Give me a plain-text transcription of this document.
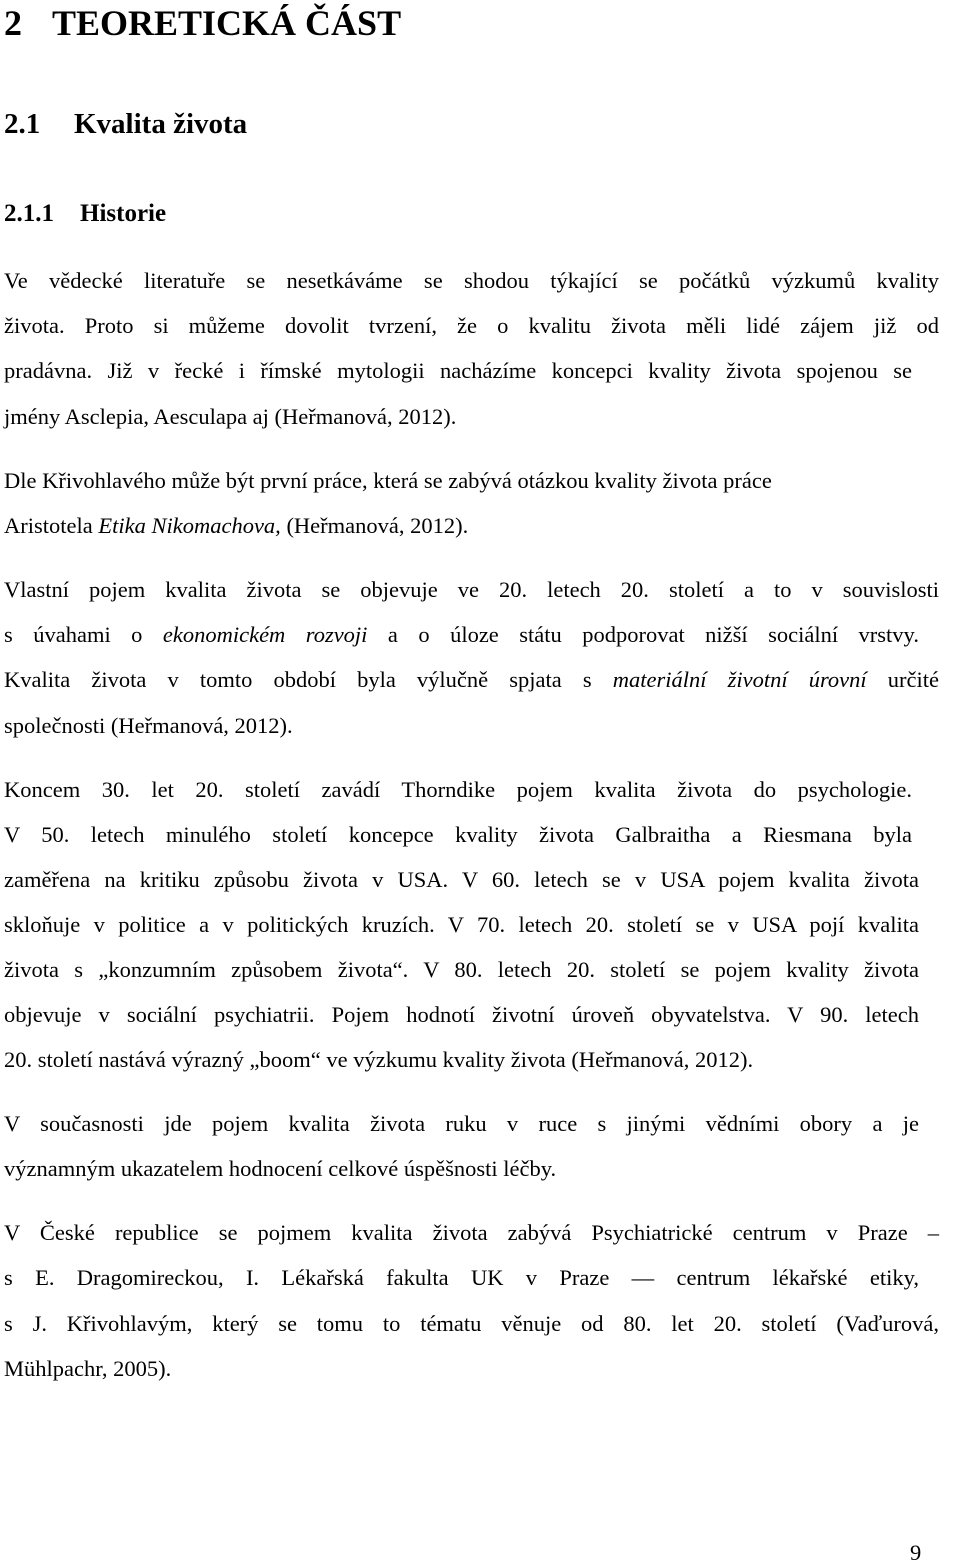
2 TEORETICKÁ ČÁST
2.1 Kvalita života
2.1.1 Historie
Ve vědecké literatuře se nesetkáváme se shodou týkající se počátků výzkumů kvality
života. Proto si můžeme dovolit tvrzení, že o kvalitu života měli lidé zájem již od
pradávna. Již v řecké i římské mytologii nacházíme koncepci kvality života spojenou se
jmény Asclepia, Aesculapa aj (Heřmanová, 2012).
Dle Křivohlavého může být první práce, která se zabývá otázkou kvality života práce
Aristotela Etika Nikomachova, (Heřmanová, 2012).
Vlastní pojem kvalita života se objevuje ve 20. letech 20. století a to v souvislosti
s úvahami o ekonomickém rozvoji a o úloze státu podporovat nižší sociální vrstvy.
Kvalita života v tomto období byla výlučně spjata s materiální životní úrovní určité
společnosti (Heřmanová, 2012).
Koncem 30. let 20. století zavádí Thorndike pojem kvalita života do psychologie.
V 50. letech minulého století koncepce kvality života Galbraitha a Riesmana byla
zaměřena na kritiku způsobu života v USA. V 60. letech se v USA pojem kvalita života
skloňuje v politice a v politických kruzích. V 70. letech 20. století se v USA pojí kvalita
života s „konzumním způsobem života“. V 80. letech 20. století se pojem kvality života
objevuje v sociální psychiatrii. Pojem hodnotí životní úroveň obyvatelstva. V 90. letech
20. století nastává výrazný „boom“ ve výzkumu kvality života (Heřmanová, 2012).
V současnosti jde pojem kvalita života ruku v ruce s jinými vědními obory a je
významným ukazatelem hodnocení celkové úspěšnosti léčby.
V České republice se pojmem kvalita života zabývá Psychiatrické centrum v Praze –
s E. Dragomireckou, I. Lékařská fakulta UK v Praze ― centrum lékařské etiky,
s J. Křivohlavým, který se tomu to tématu věnuje od 80. let 20. století (Vaďurová,
Mühlpachr, 2005).
9
